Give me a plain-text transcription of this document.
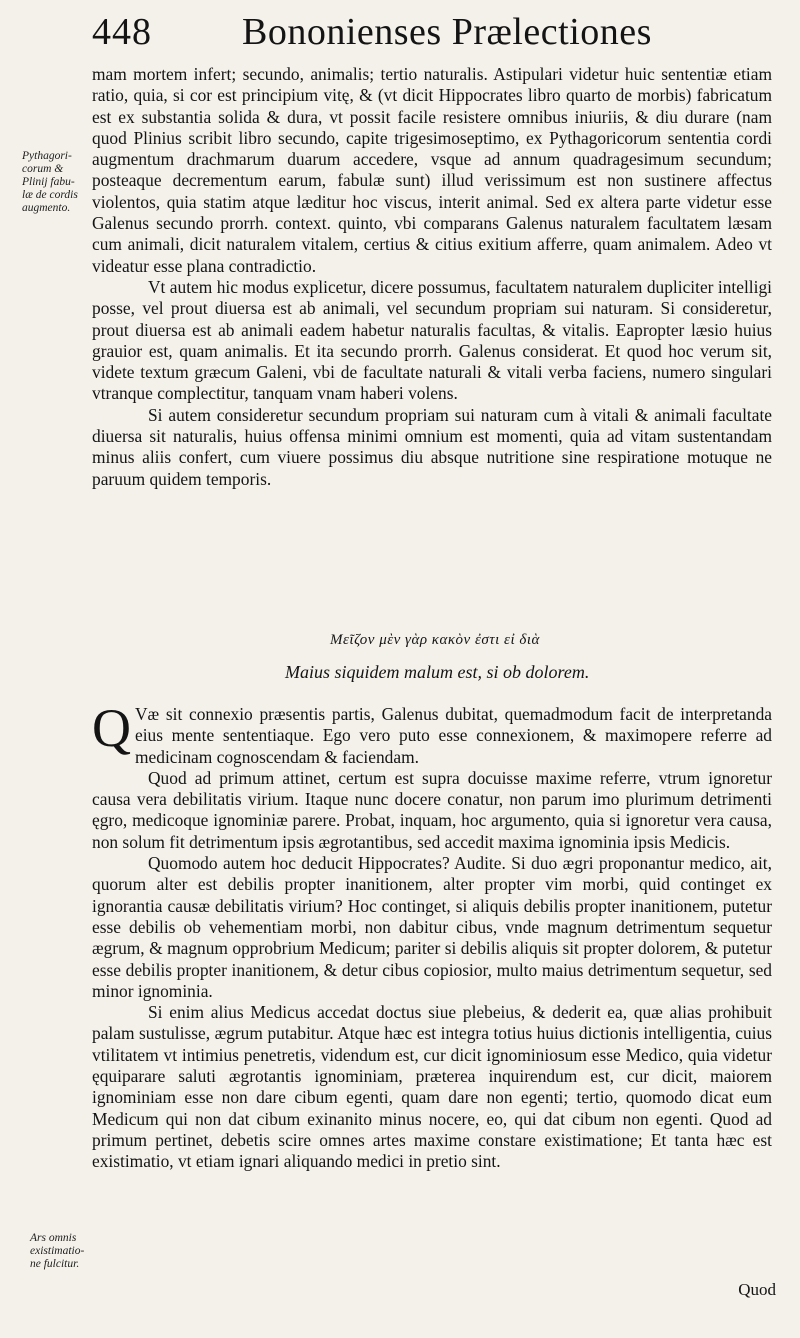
448 Bononienses Prælectiones
Pythagori-
corum &
Plinij fabu-
læ de cordis
augmento.
Ars omnis
existimatio-
ne fulcitur.

mam mortem infert; secundo, animalis; tertio naturalis. Astipulari videtur huic sententiæ etiam ratio, quia, si cor est principium vitę, & (vt dicit Hippocrates libro quarto de morbis) fabricatum est ex substantia solida & dura, vt possit facile resistere omnibus iniuriis, & diu durare (nam quod Plinius scribit libro secundo, capite trigesimoseptimo, ex Pythagoricorum sententia cordi augmentum drachmarum duarum accedere, vsque ad annum quadragesimum secundum; posteaque decrementum earum, fabulæ sunt) illud verissimum est non sustinere affectus violentos, quia statim atque læditur hoc viscus, interit animal. Sed ex altera parte videtur esse Galenus secundo prorrh. context. quinto, vbi comparans Galenus naturalem facultatem læsam cum animali, dicit naturalem vitalem, certius & citius exitium afferre, quam animalem. Adeo vt videatur esse plana contradictio.

Vt autem hic modus explicetur, dicere possumus, facultatem naturalem dupliciter intelligi posse, vel prout diuersa est ab animali, vel secundum propriam sui naturam. Si consideretur, prout diuersa est ab animali eadem habetur naturalis facultas, & vitalis. Eapropter læsio huius grauior est, quam animalis. Et ita secundo prorrh. Galenus considerat. Et quod hoc verum sit, videte textum græcum Galeni, vbi de facultate naturali & vitali verba faciens, numero singulari vtranque complectitur, tanquam vnam haberi volens.

Si autem consideretur secundum propriam sui naturam cum à vitali & animali facultate diuersa sit naturalis, huius offensa minimi omnium est momenti, quia ad vitam sustentandam minus aliis confert, cum viuere possimus diu absque nutritione sine respiratione motuque ne paruum quidem temporis.

Μεῖζον μὲν γὰρ κακὸν ἐστι εἰ διὰ
Maius siquidem malum est, si ob dolorem.

Q Væ sit connexio præsentis partis, Galenus dubitat, quemadmodum facit de interpretanda eius mente sententiaque. Ego vero puto esse connexionem, & maximopere referre ad medicinam cognoscendam & faciendam.

Quod ad primum attinet, certum est supra docuisse maxime referre, vtrum ignoretur causa vera debilitatis virium. Itaque nunc docere conatur, non parum imo plurimum detrimenti ęgro, medicoque ignominiæ parere. Probat, inquam, hoc argumento, quia si ignoretur vera causa, non solum fit detrimentum ipsis ægrotantibus, sed accedit maxima ignominia ipsis Medicis.

Quomodo autem hoc deducit Hippocrates? Audite. Si duo ægri proponantur medico, ait, quorum alter est debilis propter inanitionem, alter propter vim morbi, quid continget ex ignorantia causæ debilitatis virium? Hoc continget, si aliquis debilis propter inanitionem, putetur esse debilis ob vehementiam morbi, non dabitur cibus, vnde magnum detrimentum sequetur ægrum, & magnum opprobrium Medicum; pariter si debilis aliquis sit propter dolorem, & putetur esse debilis propter inanitionem, & detur cibus copiosior, multo maius detrimentum sequetur, sed minor ignominia.

Si enim alius Medicus accedat doctus siue plebeius, & dederit ea, quæ alias prohibuit palam sustulisse, ægrum putabitur. Atque hæc est integra totius huius dictionis intelligentia, cuius vtilitatem vt intimius penetretis, videndum est, cur dicit ignominiosum esse Medico, quia videtur ęquiparare saluti ægrotantis ignominiam, præterea inquirendum est, cur dicit, maiorem ignominiam esse non dare cibum egenti, quam dare non egenti; tertio, quomodo dicat eum Medicum qui non dat cibum exinanito minus nocere, eo, qui dat cibum non egenti. Quod ad primum pertinet, debetis scire omnes artes maxime constare existimatione; Et tanta hæc est existimatio, vt etiam ignari aliquando medici in pretio sint.

Quod
